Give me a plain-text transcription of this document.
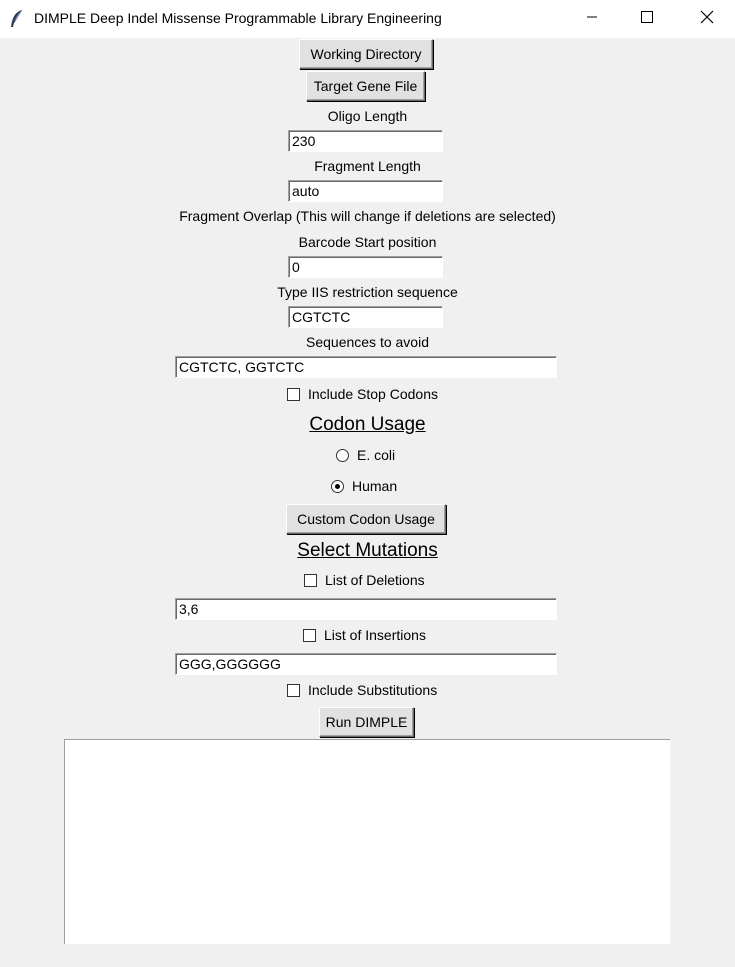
DIMPLE Deep Indel Missense Programmable Library Engineering
Working Directory
Target Gene File
Oligo Length
230
Fragment Length
auto
Fragment Overlap (This will change if deletions are selected)
Barcode Start position
0
Type IIS restriction sequence
CGTCTC
Sequences to avoid
CGTCTC, GGTCTC
Include Stop Codons
Codon Usage
E. coli
Human
Custom Codon Usage
Select Mutations
List of Deletions
3,6
List of Insertions
GGG,GGGGGG
Include Substitutions
Run DIMPLE
